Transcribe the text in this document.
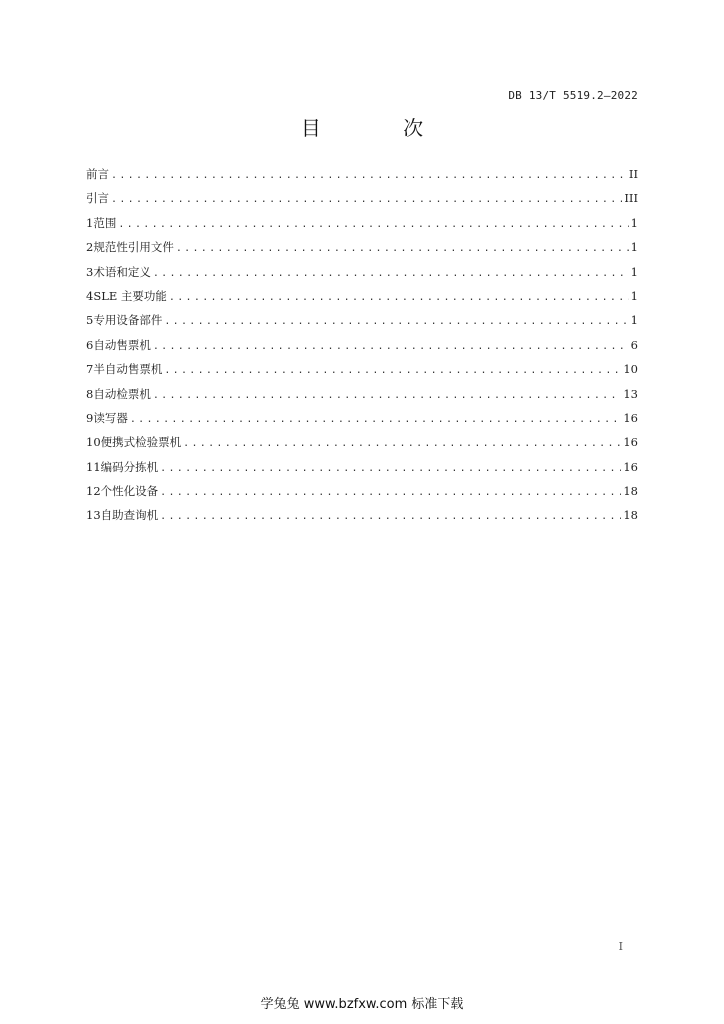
DB 13/T 5519.2—2022
目 次
前言 .....	II
引言 .....	III
1 范围 .....	1
2 规范性引用文件 .....	1
3 术语和定义 .....	1
4 SLE 主要功能 .....	1
5 专用设备部件 .....	1
6 自动售票机 .....	6
7 半自动售票机 .....	10
8 自动检票机 .....	13
9 读写器 .....	16
10 便携式检验票机 .....	16
11 编码分拣机 .....	16
12 个性化设备 .....	18
13 自助查询机 .....	18
I
学兔兔 www.bzfxw.com 标准下载
